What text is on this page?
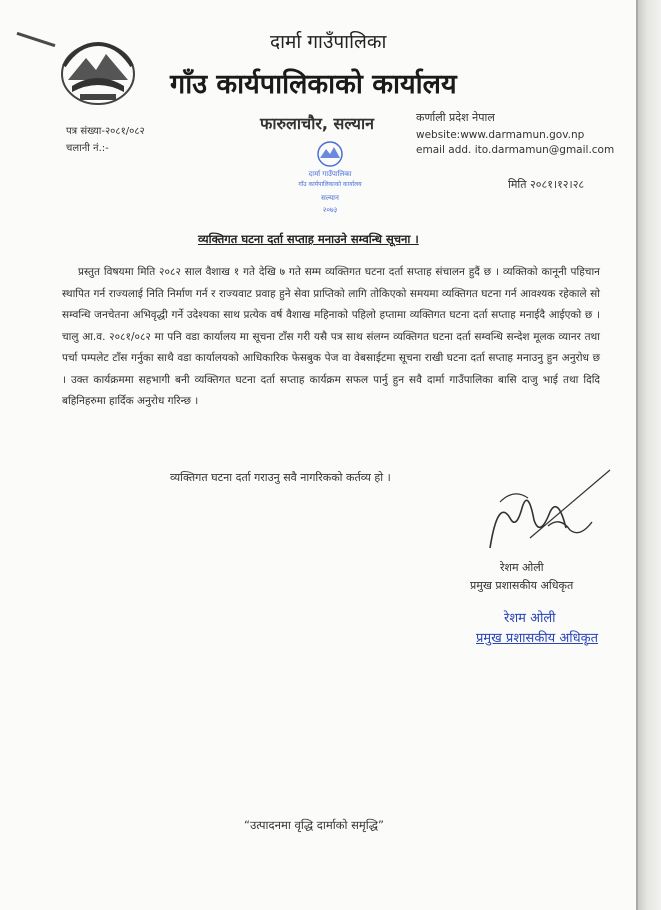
दार्मा गाउँपालिका
गाँउ कार्यपालिकाको कार्यालय
फारुलाचौर, सल्यान	कर्णाली प्रदेश नेपाल
website:www.darmamun.gov.np
email add. ito.darmamun@gmail.com
पत्र संख्या-२०८१/०८२
चलानी नं.:-
मिति २०८१।१२।२८
दार्मा गाउँपालिका
गाँउ कार्यपालिकाको कार्यालय
सल्यान
२०७३
व्यक्तिगत घटना दर्ता सप्ताह मनाउने सम्वन्धि सूचना ।
प्रस्तुत विषयमा मिति २०८२ साल वैशाख १ गते देखि ७ गते सम्म व्यक्तिगत घटना दर्ता सप्ताह संचालन हुदैं छ । व्यक्तिको कानूनी पहिचान स्थापित गर्न राज्यलाई निति निर्माण गर्न र राज्यवाट प्रवाह हुने सेवा प्राप्तिको लागि तोकिएको समयमा व्यक्तिगत घटना गर्न आवश्यक रहेकाले सो सम्वन्धि जनचेतना अभिवृद्धी गर्ने उदेश्यका साथ प्रत्येक वर्ष वैशाख महिनाको पहिलो हप्तामा व्यक्तिगत घटना दर्ता सप्ताह मनाईदै आईएको छ । चालु आ.व. २०८१/०८२ मा पनि वडा कार्यालय मा सूचना टाँस गरी यसै पत्र साथ संलग्न व्यक्तिगत घटना दर्ता सम्वन्धि सन्देश मूलक व्यानर तथा पर्चा पम्पलेट टाँस गर्नुका साथै वडा कार्यालयको आधिकारिक फेसबुक पेज वा वेबसाईटमा सूचना राखी घटना दर्ता सप्ताह मनाउनु हुन अनुरोध छ । उक्त कार्यक्रममा सहभागी बनी व्यक्तिगत घटना दर्ता सप्ताह कार्यक्रम सफल पार्नु हुन सवै दार्मा गाउँपालिका बासि दाजु भाई तथा दिदि बहिनिहरुमा हार्दिक अनुरोध गरिन्छ ।
व्यक्तिगत घटना दर्ता गराउनु सवै नागरिकको कर्तव्य हो ।
रेशम ओली
प्रमुख प्रशासकीय अधिकृत
रेशम ओली
प्रमुख प्रशासकीय अधिकृत
“उत्पादनमा वृद्धि दार्माको समृद्धि”
